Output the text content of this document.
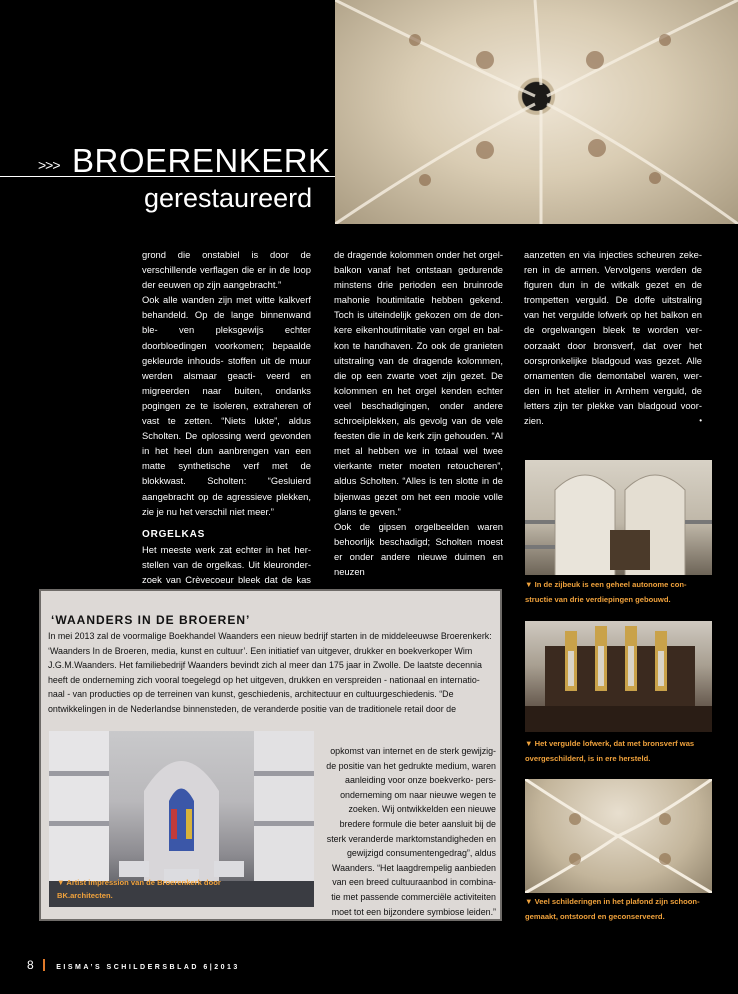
>>> BROERENKERK
gerestaureerd

grond die onstabiel is door de verschillende verflagen die er in de loop der eeuwen op zijn aangebracht.”

Ook alle wanden zijn met witte kalkverf behandeld. Op de lange binnenwand ble- ven pleksgewijs echter doorbloedingen voorkomen; bepaalde gekleurde inhouds- stoffen uit de muur werden alsmaar geacti- veerd en migreerden naar buiten, ondanks pogingen ze te isoleren, extraheren of vast te zetten. “Niets lukte”, aldus Scholten. De oplossing werd gevonden in het heel dun aanbrengen van een matte synthetische verf met de blokkwast. Scholten: “Gesluierd aangebracht op de agressieve plekken, zie je nu het verschil niet meer.”

ORGELKAS

Het meeste werk zat echter in het her- stellen van de orgelkas. Uit kleuronder- zoek van Crèvecoeur bleek dat de kas

de dragende kolommen onder het orgel- balkon vanaf het ontstaan gedurende minstens drie perioden een bruinrode mahonie houtimitatie hebben gekend. Toch is uiteindelijk gekozen om de don- kere eikenhoutimitatie van orgel en bal- kon te handhaven. Zo ook de granieten uitstraling van de dragende kolommen, die op een zwarte voet zijn gezet. De kolommen en het orgel kenden echter veel beschadigingen, onder andere schroeiplekken, als gevolg van de vele feesten die in de kerk zijn gehouden. “Al met al hebben we in totaal wel twee vierkante meter moeten retoucheren”, aldus Scholten. “Alles is ten slotte in de bijenwas gezet om het een mooie volle glans te geven.”

Ook de gipsen orgelbeelden waren behoorlijk beschadigd; Scholten moest er onder andere nieuwe duimen en neuzen

aanzetten en via injecties scheuren zeke- ren in de armen. Vervolgens werden de figuren dun in de witkalk gezet en de trompetten verguld. De doffe uitstraling van het vergulde lofwerk op het balkon en de orgelwangen bleek te worden ver- oorzaakt door bronsverf, dat over het oorspronkelijke bladgoud was gezet. Alle ornamenten die demontabel waren, wer- den in het atelier in Arnhem verguld, de letters zijn ter plekke van bladgoud voor- zien.	•

▼ In de zijbeuk is een geheel autonome con- structie van drie verdiepingen gebouwd.
▼ Het vergulde lofwerk, dat met bronsverf was overgeschilderd, is in ere hersteld.
▼ Veel schilderingen in het plafond zijn schoon- gemaakt, ontstoord en geconserveerd.
‘WAANDERS IN DE BROEREN’

In mei 2013 zal de voormalige Boekhandel Waanders een nieuw bedrijf starten in de middeleeuwse Broerenkerk: ‘Waanders In de Broeren, media, kunst en cultuur’. Een initiatief van uitgever, drukker en boekverkoper Wim J.G.M.Waanders. Het familiebedrijf Waanders bevindt zich al meer dan 175 jaar in Zwolle. De laatste decennia heeft de onderneming zich vooral toegelegd op het uitgeven, drukken en verspreiden - nationaal en internatio- naal - van producties op de terreinen van kunst, geschiedenis, architectuur en cultuurgeschiedenis. “De ontwikkelingen in de Nederlandse binnensteden, de veranderde positie van de traditionele retail door de

▼ Artist impression van de Broerenkerk door BK.architecten.

opkomst van internet en de sterk gewijzig- de positie van het gedrukte medium, waren aanleiding voor onze boekverko- pers-onderneming om naar nieuwe wegen te zoeken. Wij ontwikkelden een nieuwe bredere formule die beter aansluit bij de sterk veranderde marktomstandigheden en gewijzigd consumentengedrag”, aldus Waanders. “Het laagdrempelig aanbieden van een breed cultuuraanbod in combina- tie met passende commerciële activiteiten moet tot een bijzondere symbiose leiden.”

8	EISMA’S SCHILDERSBLAD 6|2013
